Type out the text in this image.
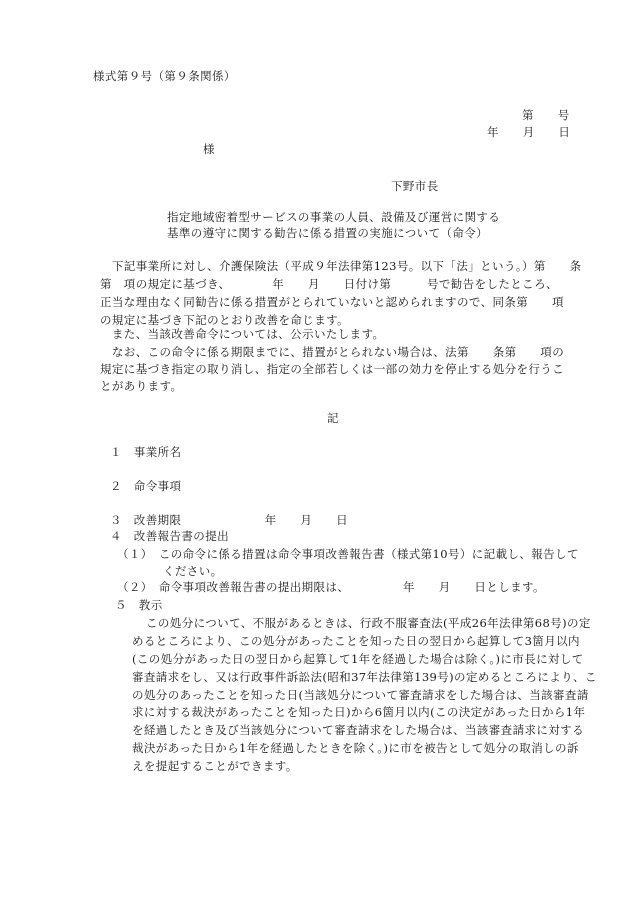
様式第９号（第９条関係）
第　　号
年　　月　　日
様
下野市長
指定地域密着型サービスの事業の人員、設備及び運営に関する
基準の遵守に関する勧告に係る措置の実施について（命令）
　下記事業所に対し、介護保険法（平成９年法律第123号。以下「法」という。）第　　条
第　項の規定に基づき、　　　　年　　月　　日付け第　　　号で勧告をしたところ、
正当な理由なく同勧告に係る措置がとられていないと認められますので、同条第　　項
の規定に基づき下記のとおり改善を命じます。
　また、当該改善命令については、公示いたします。
　なお、この命令に係る期限までに、措置がとられない場合は、法第　　条第　　項の
規定に基づき指定の取り消し、指定の全部若しくは一部の効力を停止する処分を行うこ
とがあります。
記
１　事業所名
２　命令事項
３　改善期限　　　　　　　年　　月　　日
４　改善報告書の提出
（１）　この命令に係る措置は命令事項改善報告書（様式第10号）に記載し、報告して
ください。
（２）　命令事項改善報告書の提出期限は、　　　　　年　　月　　日とします。
５　教示
この処分について、不服があるときは、行政不服審査法(平成26年法律第68号)の定
めるところにより、この処分があったことを知った日の翌日から起算して3箇月以内
(この処分があった日の翌日から起算して1年を経過した場合は除く。)に市長に対して
審査請求をし、又は行政事件訴訟法(昭和37年法律第139号)の定めるところにより、こ
の処分のあったことを知った日(当該処分について審査請求をした場合は、当該審査請
求に対する裁決があったことを知った日)から6箇月以内(この決定があった日から1年
を経過したとき及び当該処分について審査請求をした場合は、当該審査請求に対する
裁決があった日から1年を経過したときを除く。)に市を被告として処分の取消しの訴
えを提起することができます。
